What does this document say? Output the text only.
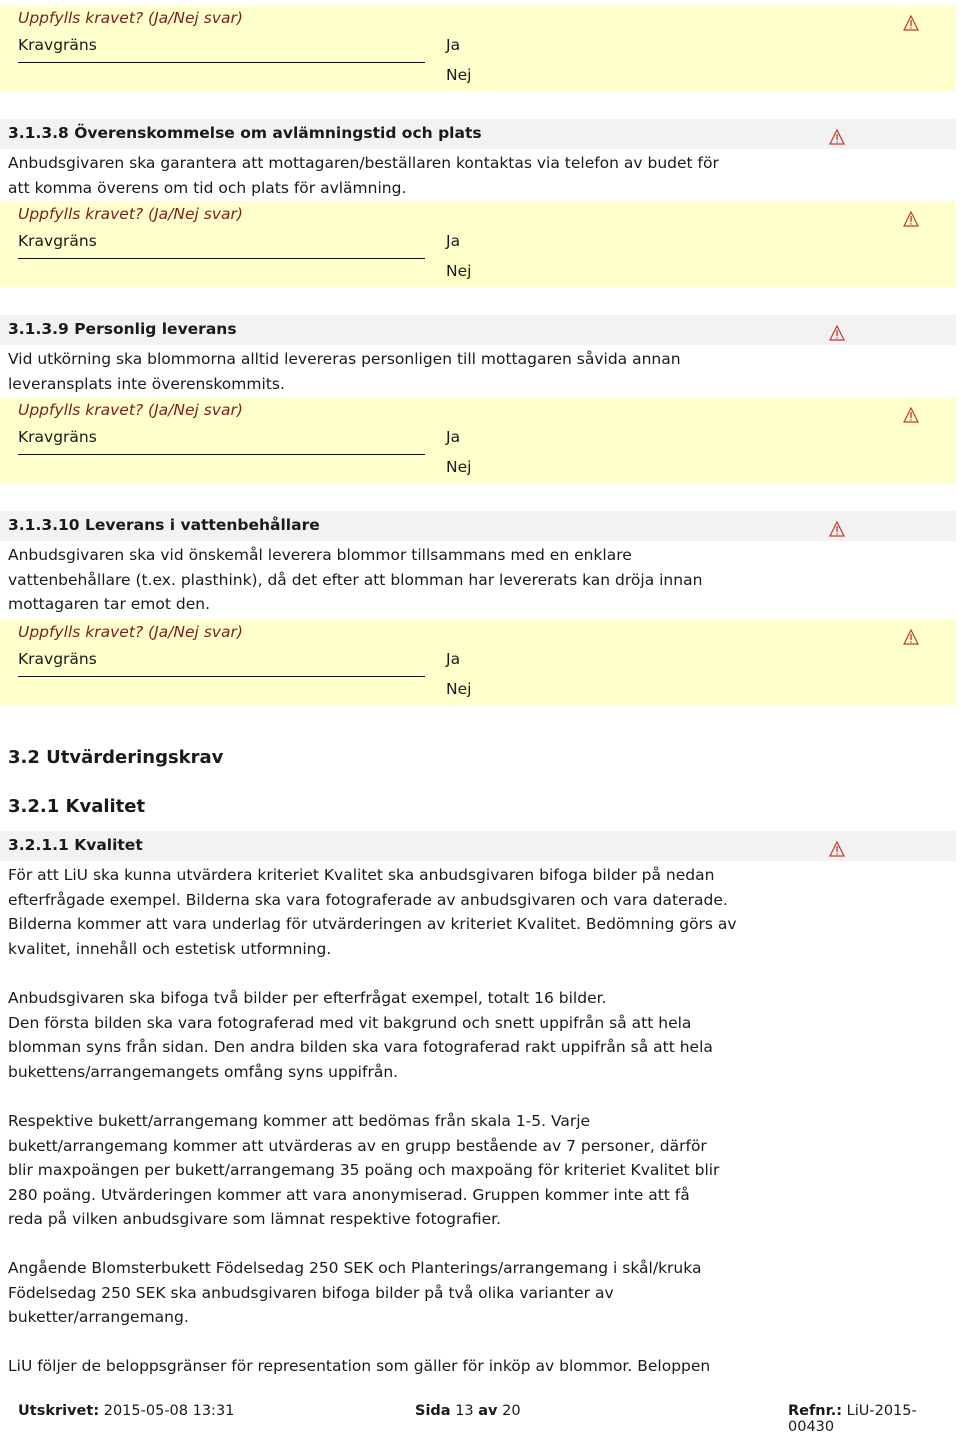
Uppfylls kravet? (Ja/Nej svar)
Kravgräns	Ja
Nej
3.1.3.8 Överenskommelse om avlämningstid och plats

Anbudsgivaren ska garantera att mottagaren/beställaren kontaktas via telefon av budet för
att komma överens om tid och plats för avlämning.

Uppfylls kravet? (Ja/Nej svar)
Kravgräns	Ja
Nej
3.1.3.9 Personlig leverans

Vid utkörning ska blommorna alltid levereras personligen till mottagaren såvida annan
leveransplats inte överenskommits.

Uppfylls kravet? (Ja/Nej svar)
Kravgräns	Ja
Nej
3.1.3.10 Leverans i vattenbehållare

Anbudsgivaren ska vid önskemål leverera blommor tillsammans med en enklare
vattenbehållare (t.ex. plasthink), då det efter att blomman har levererats kan dröja innan
mottagaren tar emot den.

Uppfylls kravet? (Ja/Nej svar)
Kravgräns	Ja
Nej
3.2 Utvärderingskrav
3.2.1 Kvalitet
3.2.1.1 Kvalitet

För att LiU ska kunna utvärdera kriteriet Kvalitet ska anbudsgivaren bifoga bilder på nedan
efterfrågade exempel. Bilderna ska vara fotograferade av anbudsgivaren och vara daterade.
Bilderna kommer att vara underlag för utvärderingen av kriteriet Kvalitet. Bedömning görs av
kvalitet, innehåll och estetisk utformning.

Anbudsgivaren ska bifoga två bilder per efterfrågat exempel, totalt 16 bilder.
Den första bilden ska vara fotograferad med vit bakgrund och snett uppifrån så att hela
blomman syns från sidan. Den andra bilden ska vara fotograferad rakt uppifrån så att hela
bukettens/arrangemangets omfång syns uppifrån.

Respektive bukett/arrangemang kommer att bedömas från skala 1-5. Varje
bukett/arrangemang kommer att utvärderas av en grupp bestående av 7 personer, därför
blir maxpoängen per bukett/arrangemang 35 poäng och maxpoäng för kriteriet Kvalitet blir
280 poäng. Utvärderingen kommer att vara anonymiserad. Gruppen kommer inte att få
reda på vilken anbudsgivare som lämnat respektive fotografier.

Angående Blomsterbukett Födelsedag 250 SEK och Planterings/arrangemang i skål/kruka
Födelsedag 250 SEK ska anbudsgivaren bifoga bilder på två olika varianter av
buketter/arrangemang.

LiU följer de beloppsgränser för representation som gäller för inköp av blommor. Beloppen

Utskrivet: 2015-05-08 13:31	Sida 13 av 20	Refnr.: LiU-2015-00430
